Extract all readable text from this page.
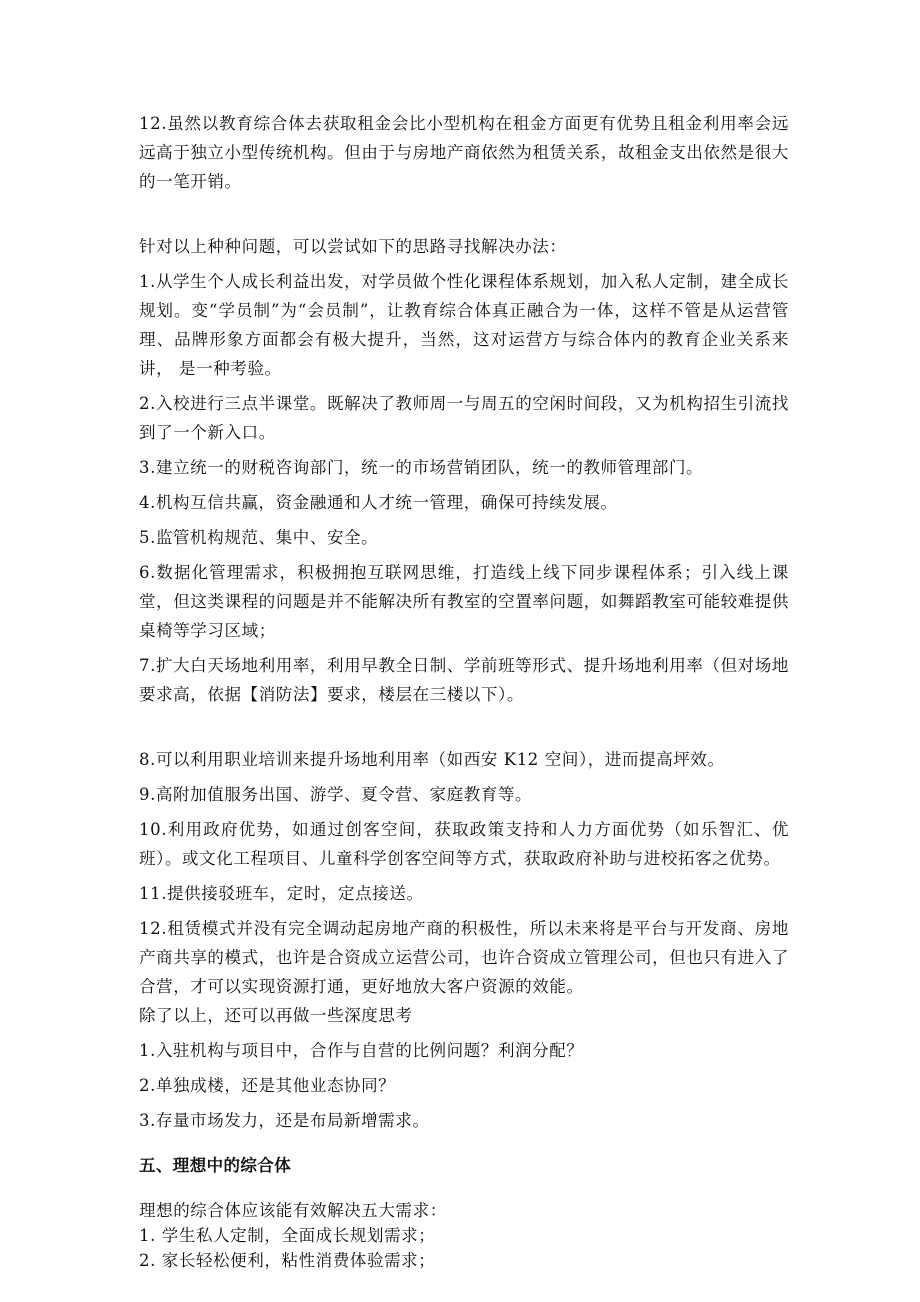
12.虽然以教育综合体去获取租金会比小型机构在租金方面更有优势且租金利用率会远远高于独立小型传统机构。但由于与房地产商依然为租赁关系，故租金支出依然是很大的一笔开销。

针对以上种种问题，可以尝试如下的思路寻找解决办法：

1.从学生个人成长利益出发，对学员做个性化课程体系规划，加入私人定制，建全成长规划。变“学员制”为“会员制”，让教育综合体真正融合为一体，这样不管是从运营管理、品牌形象方面都会有极大提升，当然，这对运营方与综合体内的教育企业关系来讲， 是一种考验。

2.入校进行三点半课堂。既解决了教师周一与周五的空闲时间段，又为机构招生引流找到了一个新入口。

3.建立统一的财税咨询部门，统一的市场营销团队，统一的教师管理部门。

4.机构互信共赢，资金融通和人才统一管理，确保可持续发展。

5.监管机构规范、集中、安全。

6.数据化管理需求，积极拥抱互联网思维，打造线上线下同步课程体系；引入线上课堂，但这类课程的问题是并不能解决所有教室的空置率问题，如舞蹈教室可能较难提供桌椅等学习区域；

7.扩大白天场地利用率，利用早教全日制、学前班等形式、提升场地利用率（但对场地要求高，依据【消防法】要求，楼层在三楼以下）。

8.可以利用职业培训来提升场地利用率（如西安 K12 空间），进而提高坪效。

9.高附加值服务出国、游学、夏令营、家庭教育等。

10.利用政府优势，如通过创客空间，获取政策支持和人力方面优势（如乐智汇、优班）。或文化工程项目、儿童科学创客空间等方式，获取政府补助与进校拓客之优势。

11.提供接驳班车，定时，定点接送。

12.租赁模式并没有完全调动起房地产商的积极性，所以未来将是平台与开发商、房地产商共享的模式，也许是合资成立运营公司，也许合资成立管理公司，但也只有进入了合营，才可以实现资源打通，更好地放大客户资源的效能。

除了以上，还可以再做一些深度思考

1.入驻机构与项目中，合作与自营的比例问题？利润分配？

2.单独成楼，还是其他业态协同？

3.存量市场发力，还是布局新增需求。

五、理想中的综合体

理想的综合体应该能有效解决五大需求：

1. 学生私人定制，全面成长规划需求；

2. 家长轻松便利，粘性消费体验需求；
